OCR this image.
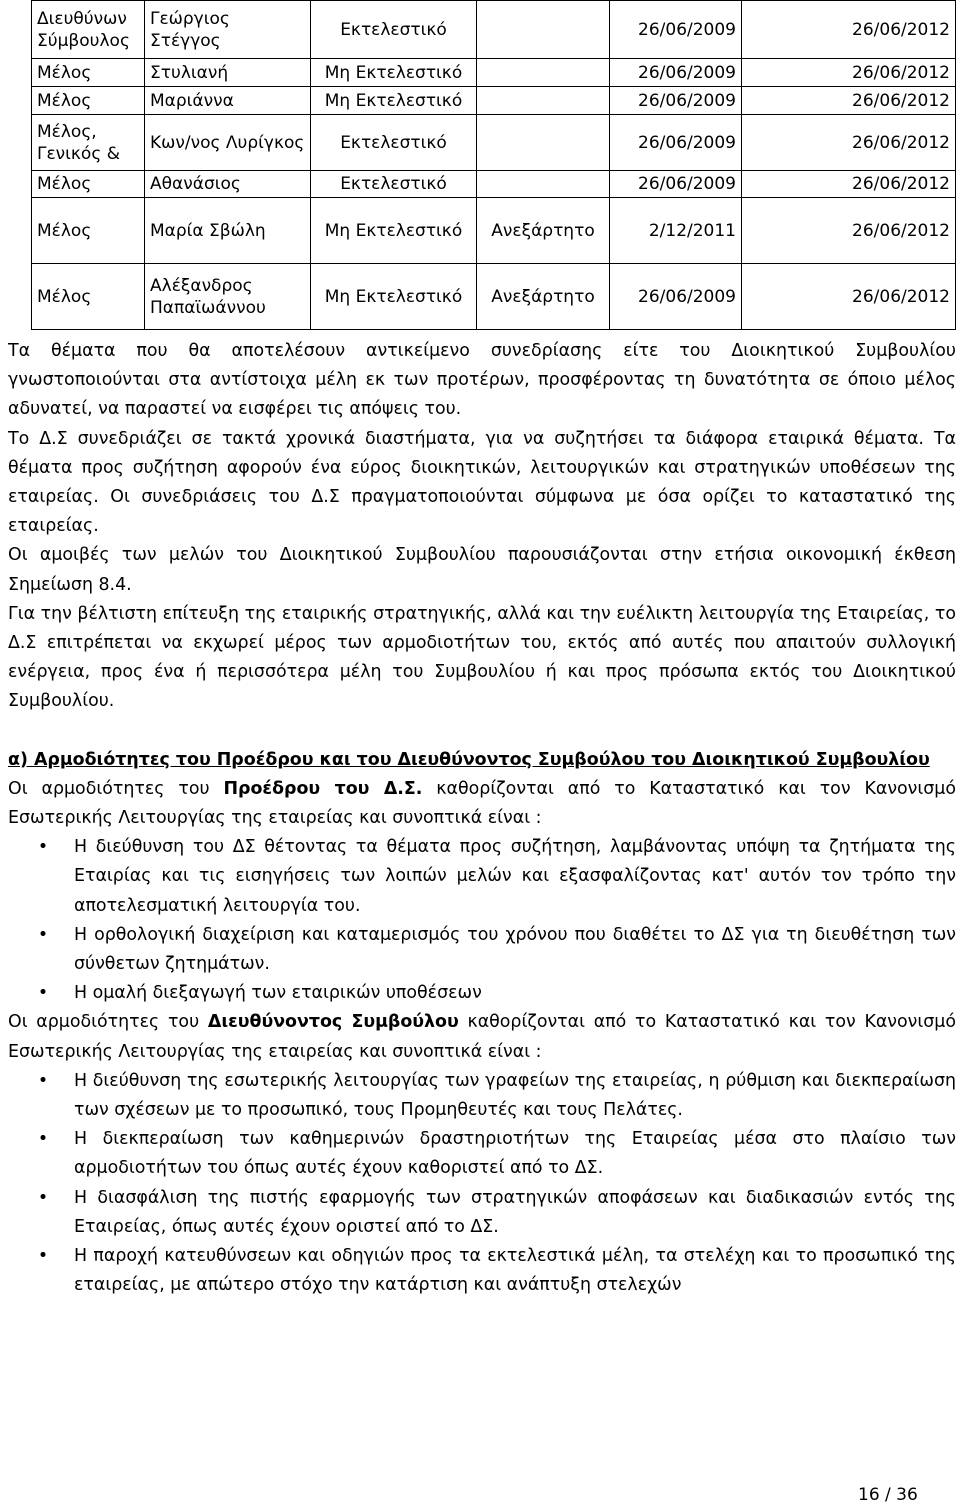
Διευθύνων Σύμβουλος	Γεώργιος Στέγγος	Εκτελεστικό		26/06/2009	26/06/2012
Μέλος	Στυλιανή	Μη Εκτελεστικό		26/06/2009	26/06/2012
Μέλος	Μαριάννα	Μη Εκτελεστικό		26/06/2009	26/06/2012
Μέλος, Γενικός &	Κων/νος Λυρίγκος	Εκτελεστικό		26/06/2009	26/06/2012
Μέλος	Αθανάσιος	Εκτελεστικό		26/06/2009	26/06/2012
Μέλος	Μαρία Σβώλη	Μη Εκτελεστικό	Ανεξάρτητο	2/12/2011	26/06/2012
Μέλος	Αλέξανδρος Παπαϊωάννου	Μη Εκτελεστικό	Ανεξάρτητο	26/06/2009	26/06/2012

Τα θέματα που θα αποτελέσουν αντικείμενο συνεδρίασης είτε του Διοικητικού Συμβουλίου γνωστοποιούνται στα αντίστοιχα μέλη εκ των προτέρων, προσφέροντας τη δυνατότητα σε όποιο μέλος αδυνατεί, να παραστεί να εισφέρει τις απόψεις του.

Το Δ.Σ συνεδριάζει σε τακτά χρονικά διαστήματα, για να συζητήσει τα διάφορα εταιρικά θέματα. Τα θέματα προς συζήτηση αφορούν ένα εύρος διοικητικών, λειτουργικών και στρατηγικών υποθέσεων της εταιρείας. Οι συνεδριάσεις του Δ.Σ πραγματοποιούνται σύμφωνα με όσα ορίζει το καταστατικό της εταιρείας.

Οι αμοιβές των μελών του Διοικητικού Συμβουλίου παρουσιάζονται στην ετήσια οικονομική έκθεση Σημείωση 8.4.

Για την βέλτιστη επίτευξη της εταιρικής στρατηγικής, αλλά και την ευέλικτη λειτουργία της Εταιρείας, το Δ.Σ επιτρέπεται να εκχωρεί μέρος των αρμοδιοτήτων του, εκτός από αυτές που απαιτούν συλλογική ενέργεια, προς ένα ή περισσότερα μέλη του Συμβουλίου ή και προς πρόσωπα εκτός του Διοικητικού Συμβουλίου.

α) Αρμοδιότητες του Προέδρου και του Διευθύνοντος Συμβούλου του Διοικητικού Συμβουλίου

Οι αρμοδιότητες του Προέδρου του Δ.Σ. καθορίζονται από το Καταστατικό και τον Κανονισμό Εσωτερικής Λειτουργίας της εταιρείας και συνοπτικά είναι :

• Η διεύθυνση του ΔΣ θέτοντας τα θέματα προς συζήτηση, λαμβάνοντας υπόψη τα ζητήματα της Εταιρίας και τις εισηγήσεις των λοιπών μελών και εξασφαλίζοντας κατ' αυτόν τον τρόπο την αποτελεσματική λειτουργία του.
• Η ορθολογική διαχείριση και καταμερισμός του χρόνου που διαθέτει το ΔΣ για τη διευθέτηση των σύνθετων ζητημάτων.
• Η ομαλή διεξαγωγή των εταιρικών υποθέσεων

Οι αρμοδιότητες του Διευθύνοντος Συμβούλου καθορίζονται από το Καταστατικό και τον Κανονισμό Εσωτερικής Λειτουργίας της εταιρείας και συνοπτικά είναι :

• Η διεύθυνση της εσωτερικής λειτουργίας των γραφείων της εταιρείας, η ρύθμιση και διεκπεραίωση των σχέσεων με το προσωπικό, τους Προμηθευτές και τους Πελάτες.
• Η διεκπεραίωση των καθημερινών δραστηριοτήτων της Εταιρείας μέσα στο πλαίσιο των αρμοδιοτήτων του όπως αυτές έχουν καθοριστεί από το ΔΣ.
• Η διασφάλιση της πιστής εφαρμογής των στρατηγικών αποφάσεων και διαδικασιών εντός της Εταιρείας, όπως αυτές έχουν οριστεί από το ΔΣ.
• Η παροχή κατευθύνσεων και οδηγιών προς τα εκτελεστικά μέλη, τα στελέχη και το προσωπικό της εταιρείας, με απώτερο στόχο την κατάρτιση και ανάπτυξη στελεχών
16 / 36
